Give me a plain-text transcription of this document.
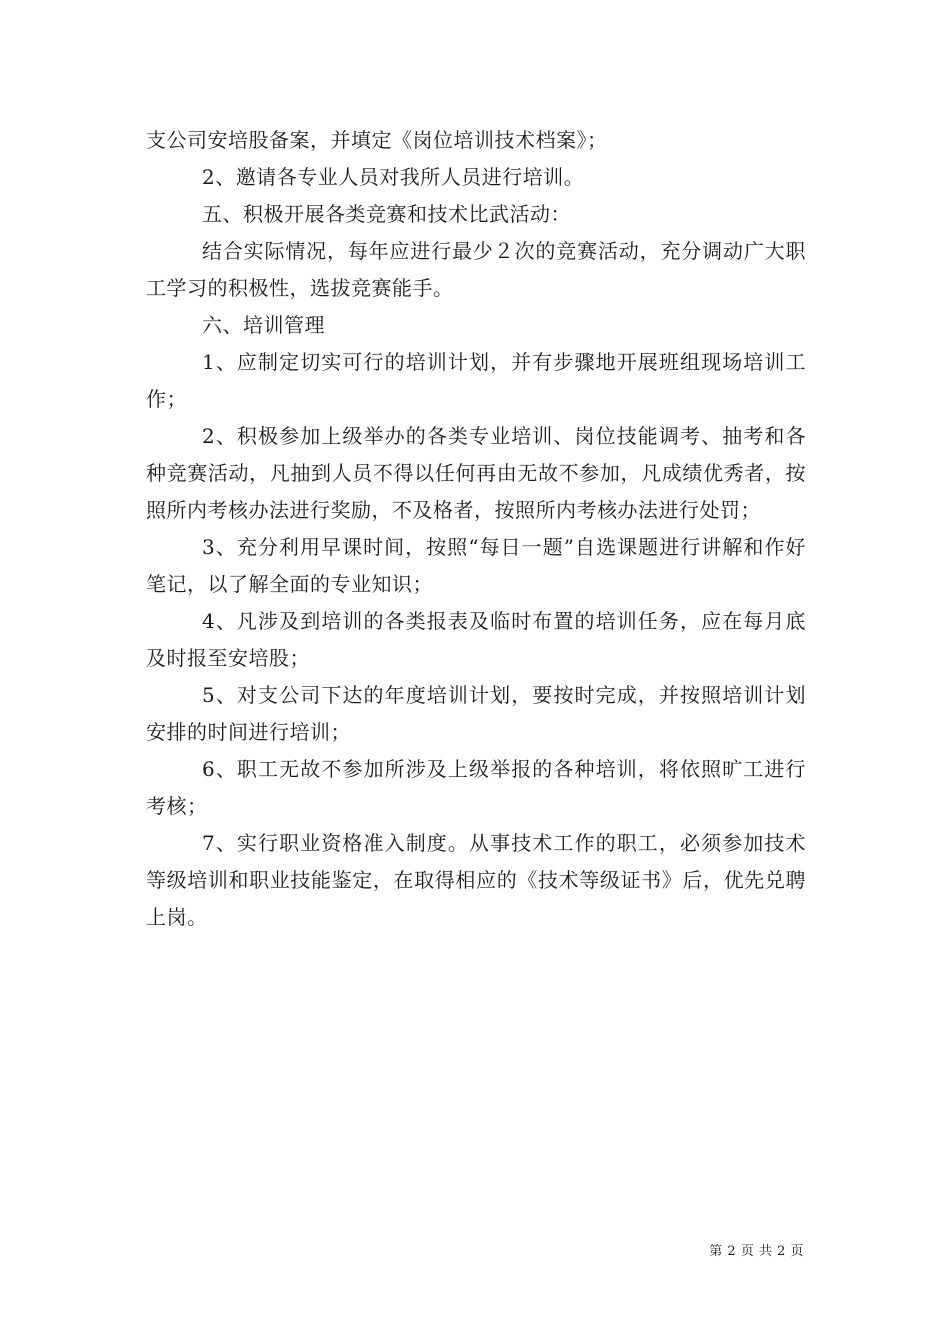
支公司安培股备案，并填定《岗位培训技术档案》；

2、邀请各专业人员对我所人员进行培训。

五、积极开展各类竞赛和技术比武活动：

结合实际情况，每年应进行最少２次的竞赛活动，充分调动广大职工学习的积极性，选拔竞赛能手。

六、培训管理

1、应制定切实可行的培训计划，并有步骤地开展班组现场培训工作；

2、积极参加上级举办的各类专业培训、岗位技能调考、抽考和各种竞赛活动，凡抽到人员不得以任何再由无故不参加，凡成绩优秀者，按照所内考核办法进行奖励，不及格者，按照所内考核办法进行处罚；

3、充分利用早课时间，按照“每日一题”自选课题进行讲解和作好笔记，以了解全面的专业知识；

4、凡涉及到培训的各类报表及临时布置的培训任务，应在每月底及时报至安培股；

5、对支公司下达的年度培训计划，要按时完成，并按照培训计划安排的时间进行培训；

6、职工无故不参加所涉及上级举报的各种培训，将依照旷工进行考核；

7、实行职业资格准入制度。从事技术工作的职工，必须参加技术等级培训和职业技能鉴定，在取得相应的《技术等级证书》后，优先兑聘上岗。

第 2 页 共 2 页
